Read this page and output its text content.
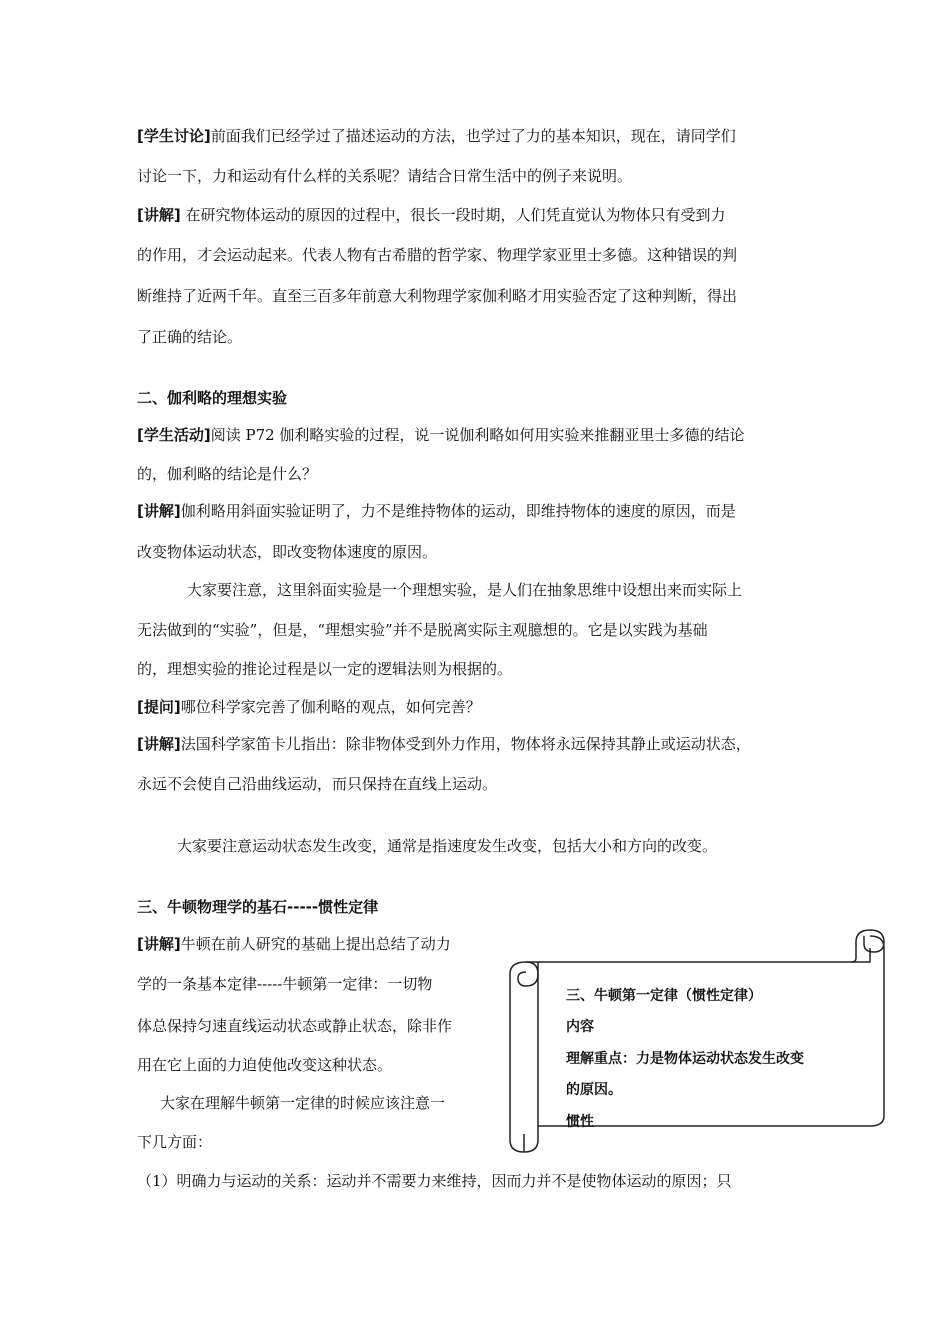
[学生讨论]前面我们已经学过了描述运动的方法，也学过了力的基本知识，现在，请同学们
讨论一下，力和运动有什么样的关系呢？请结合日常生活中的例子来说明。
[讲解] 在研究物体运动的原因的过程中，很长一段时期，人们凭直觉认为物体只有受到力
的作用，才会运动起来。代表人物有古希腊的哲学家、物理学家亚里士多德。这种错误的判
断维持了近两千年。直至三百多年前意大利物理学家伽利略才用实验否定了这种判断，得出
了正确的结论。
二、伽利略的理想实验
[学生活动]阅读 P72 伽利略实验的过程，说一说伽利略如何用实验来推翻亚里士多德的结论
的，伽利略的结论是什么？
[讲解]伽利略用斜面实验证明了，力不是维持物体的运动，即维持物体的速度的原因，而是
改变物体运动状态，即改变物体速度的原因。
大家要注意，这里斜面实验是一个理想实验，是人们在抽象思维中设想出来而实际上
无法做到的“实验”，但是，“理想实验”并不是脱离实际主观臆想的。它是以实践为基础
的，理想实验的推论过程是以一定的逻辑法则为根据的。
[提问]哪位科学家完善了伽利略的观点，如何完善？
[讲解]法国科学家笛卡儿指出：除非物体受到外力作用，物体将永远保持其静止或运动状态，
永远不会使自己沿曲线运动，而只保持在直线上运动。
大家要注意运动状态发生改变，通常是指速度发生改变，包括大小和方向的改变。
三、牛顿物理学的基石-----惯性定律
[讲解]牛顿在前人研究的基础上提出总结了动力
学的一条基本定律-----牛顿第一定律：一切物
体总保持匀速直线运动状态或静止状态，除非作
用在它上面的力迫使他改变这种状态。
大家在理解牛顿第一定律的时候应该注意一
下几方面：
（1）明确力与运动的关系：运动并不需要力来维持，因而力并不是使物体运动的原因；只
三、牛顿第一定律（惯性定律）
内容
理解重点：力是物体运动状态发生改变
的原因。
惯性
